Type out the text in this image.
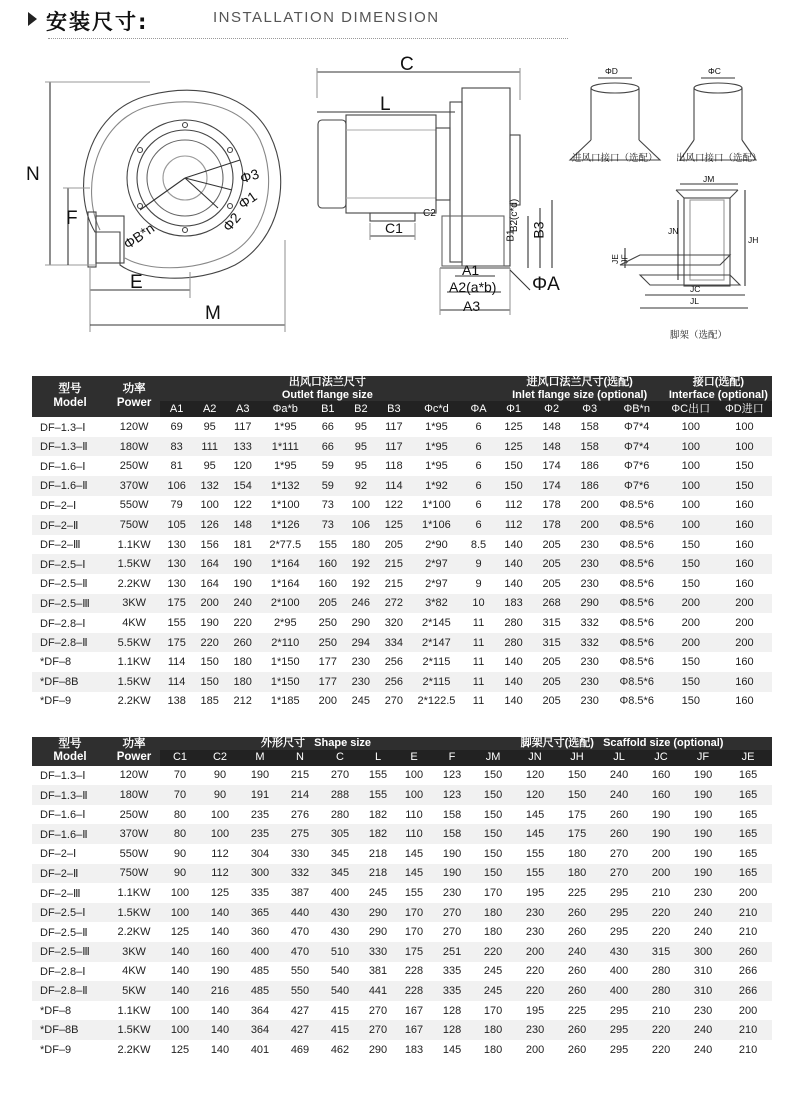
安装尺寸:	INSTALLATION DIMENSION
N
F
E
M
Φ3
Φ1
Φ2
ΦB*n
C
L
C1
C2
B1
B2(c*d) B3
A1
A2(a*b)
A3
ΦA
ΦD	ΦC
进风口接口（选配） 出风口接口（选配）
JM
JN
JH
JE JF
JC
JL
脚架（选配）
型号
Model	功率
Power	出风口法兰尺寸
Outlet flange size									进风口法兰尺寸(选配)
Inlet flange size (optional)				接口(选配)
Interface (optional)	

		A1	A2	A3	Φa*b	B1	B2	B3	Φc*d	ΦA	Φ1	Φ2	Φ3	ΦB*n	ΦC出口	ΦD进口
DF–1.3–Ⅰ	120W	69	95	117	1*95	66	95	117	1*95	6	125	148	158	Φ7*4	100	100
DF–1.3–Ⅱ	180W	83	111	133	1*111	66	95	117	1*95	6	125	148	158	Φ7*4	100	100
DF–1.6–Ⅰ	250W	81	95	120	1*95	59	95	118	1*95	6	150	174	186	Φ7*6	100	150
DF–1.6–Ⅱ	370W	106	132	154	1*132	59	92	114	1*92	6	150	174	186	Φ7*6	100	150
DF–2–Ⅰ	550W	79	100	122	1*100	73	100	122	1*100	6	112	178	200	Φ8.5*6	100	160
DF–2–Ⅱ	750W	105	126	148	1*126	73	106	125	1*106	6	112	178	200	Φ8.5*6	100	160
DF–2–Ⅲ	1.1KW	130	156	181	2*77.5	155	180	205	2*90	8.5	140	205	230	Φ8.5*6	150	160
DF–2.5–Ⅰ	1.5KW	130	164	190	1*164	160	192	215	2*97	9	140	205	230	Φ8.5*6	150	160
DF–2.5–Ⅱ	2.2KW	130	164	190	1*164	160	192	215	2*97	9	140	205	230	Φ8.5*6	150	160
DF–2.5–Ⅲ	3KW	175	200	240	2*100	205	246	272	3*82	10	183	268	290	Φ8.5*6	200	200
DF–2.8–Ⅰ	4KW	155	190	220	2*95	250	290	320	2*145	11	280	315	332	Φ8.5*6	200	200
DF–2.8–Ⅱ	5.5KW	175	220	260	2*110	250	294	334	2*147	11	280	315	332	Φ8.5*6	200	200
*DF–8	1.1KW	114	150	180	1*150	177	230	256	2*115	11	140	205	230	Φ8.5*6	150	160
*DF–8B	1.5KW	114	150	180	1*150	177	230	256	2*115	11	140	205	230	Φ8.5*6	150	160
*DF–9	2.2KW	138	185	212	1*185	200	245	270	2*122.5	11	140	205	230	Φ8.5*6	150	160
型号
Model	功率
Power	外形尺寸 Shape size								脚架尺寸(选配) Scaffold size (optional)						
		C1	C2	M	N	C	L	E	F	JM	JN	JH	JL	JC	JF	JE
DF–1.3–Ⅰ	120W	70	90	190	215	270	155	100	123	150	120	150	240	160	190	165
DF–1.3–Ⅱ	180W	70	90	191	214	288	155	100	123	150	120	150	240	160	190	165
DF–1.6–Ⅰ	250W	80	100	235	276	280	182	110	158	150	145	175	260	190	190	165
DF–1.6–Ⅱ	370W	80	100	235	275	305	182	110	158	150	145	175	260	190	190	165
DF–2–Ⅰ	550W	90	112	304	330	345	218	145	190	150	155	180	270	200	190	165
DF–2–Ⅱ	750W	90	112	300	332	345	218	145	190	150	155	180	270	200	190	165
DF–2–Ⅲ	1.1KW	100	125	335	387	400	245	155	230	170	195	225	295	210	230	200
DF–2.5–Ⅰ	1.5KW	100	140	365	440	430	290	170	270	180	230	260	295	220	240	210
DF–2.5–Ⅱ	2.2KW	125	140	360	470	430	290	170	270	180	230	260	295	220	240	210
DF–2.5–Ⅲ	3KW	140	160	400	470	510	330	175	251	220	200	240	430	315	300	260
DF–2.8–Ⅰ	4KW	140	190	485	550	540	381	228	335	245	220	260	400	280	310	266
DF–2.8–Ⅱ	5KW	140	216	485	550	540	441	228	335	245	220	260	400	280	310	266
*DF–8	1.1KW	100	140	364	427	415	270	167	128	170	195	225	295	210	230	200
*DF–8B	1.5KW	100	140	364	427	415	270	167	128	180	230	260	295	220	240	210
*DF–9	2.2KW	125	140	401	469	462	290	183	145	180	200	260	295	220	240	210
